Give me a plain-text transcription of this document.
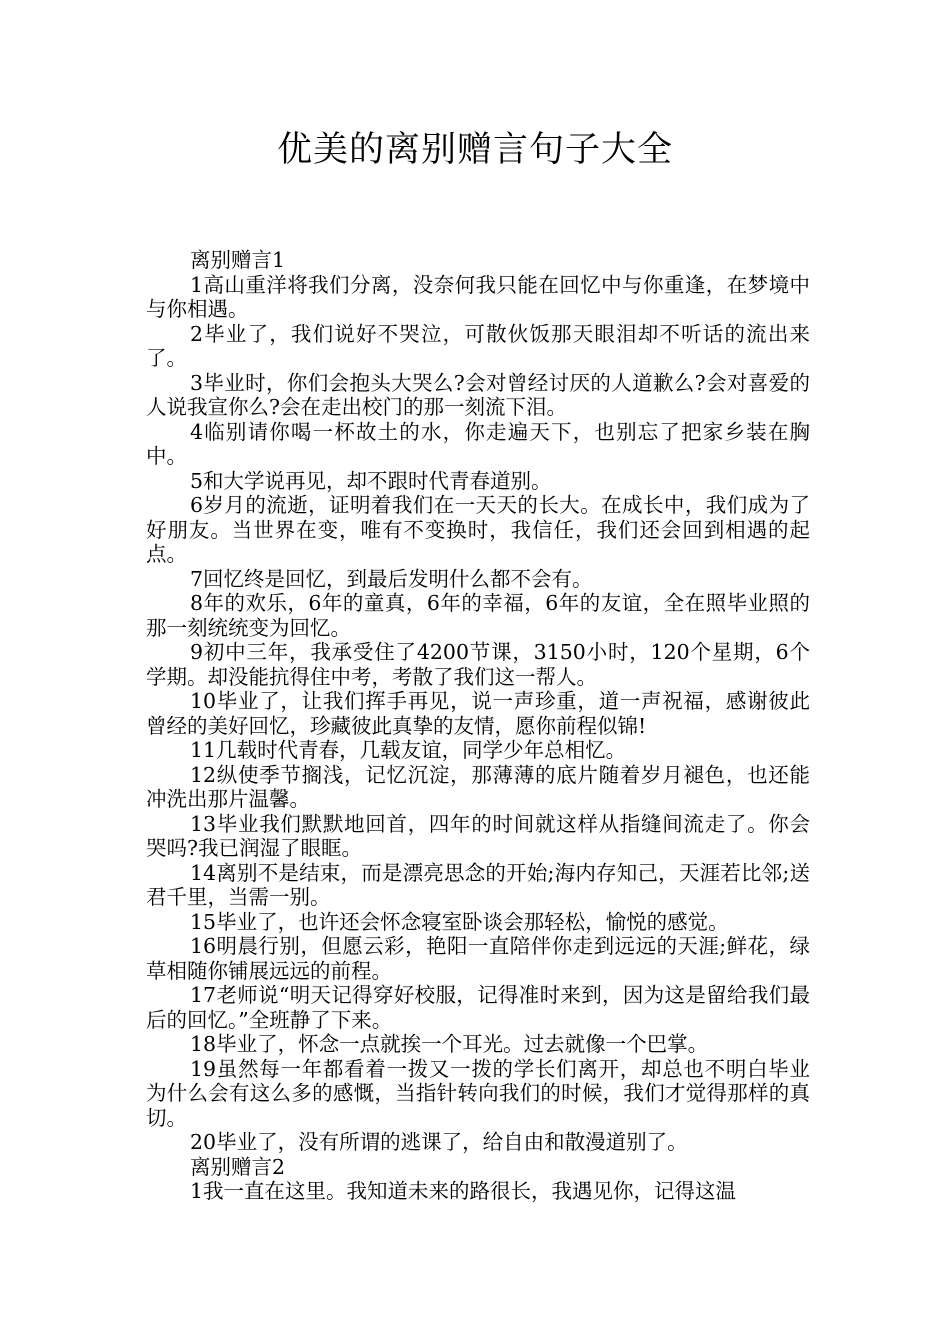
优美的离别赠言句子大全

离别赠言1

1高山重洋将我们分离，没奈何我只能在回忆中与你重逢，在梦境中与你相遇。

2毕业了，我们说好不哭泣，可散伙饭那天眼泪却不听话的流出来了。

3毕业时，你们会抱头大哭么?会对曾经讨厌的人道歉么?会对喜爱的人说我宣你么?会在走出校门的那一刻流下泪。

4临别请你喝一杯故土的水，你走遍天下，也别忘了把家乡装在胸中。

5和大学说再见，却不跟时代青春道别。

6岁月的流逝，证明着我们在一天天的长大。在成长中，我们成为了好朋友。当世界在变，唯有不变换时，我信任，我们还会回到相遇的起点。

7回忆终是回忆，到最后发明什么都不会有。

8年的欢乐，6年的童真，6年的幸福，6年的友谊，全在照毕业照的那一刻统统变为回忆。

9初中三年，我承受住了4200节课，3150小时，120个星期，6个学期。却没能抗得住中考，考散了我们这一帮人。

10毕业了，让我们挥手再见，说一声珍重，道一声祝福，感谢彼此曾经的美好回忆，珍藏彼此真挚的友情，愿你前程似锦!

11几载时代青春，几载友谊，同学少年总相忆。

12纵使季节搁浅，记忆沉淀，那薄薄的底片随着岁月褪色，也还能冲洗出那片温馨。

13毕业我们默默地回首，四年的时间就这样从指缝间流走了。你会哭吗?我已润湿了眼眶。

14离别不是结束，而是漂亮思念的开始;海内存知己，天涯若比邻;送君千里，当需一别。

15毕业了，也许还会怀念寝室卧谈会那轻松，愉悦的感觉。

16明晨行别，但愿云彩，艳阳一直陪伴你走到远远的天涯;鲜花，绿草相随你铺展远远的前程。

17老师说“明天记得穿好校服，记得准时来到，因为这是留给我们最后的回忆。”全班静了下来。

18毕业了，怀念一点就挨一个耳光。过去就像一个巴掌。

19虽然每一年都看着一拨又一拨的学长们离开，却总也不明白毕业为什么会有这么多的感慨，当指针转向我们的时候，我们才觉得那样的真切。

20毕业了，没有所谓的逃课了，给自由和散漫道别了。

离别赠言2

1我一直在这里。我知道未来的路很长，我遇见你，记得这温
